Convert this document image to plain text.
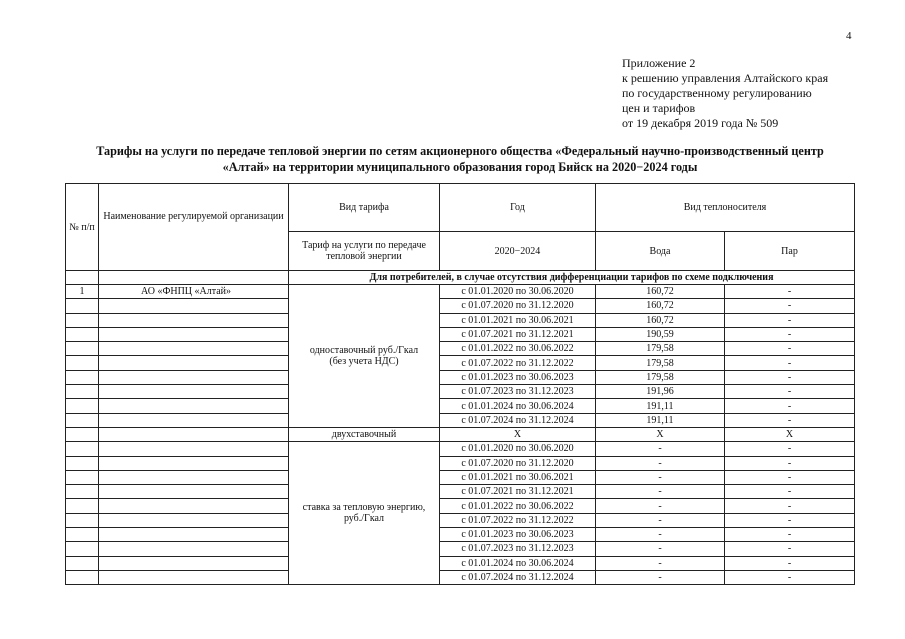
4
Приложение 2
к решению управления Алтайского края
по государственному регулированию
цен и тарифов
от 19 декабря 2019 года № 509
Тарифы на услуги по передаче тепловой энергии по сетям акционерного общества «Федеральный научно-производственный центр
«Алтай» на территории муниципального образования город Бийск на 2020−2024 годы
№ п/п	Наименование регулируемой организации	Вид тарифа	Год	Вид теплоносителя	
		Тариф на услуги по передаче тепловой энергии	2020−2024	Вода	Пар
		Для потребителей, в случае отсутствия дифференциации тарифов по схеме подключения			
1	АО «ФНПЦ «Алтай»	одноставочный руб./Гкал (без учета НДС)	с 01.01.2020 по 30.06.2020	160,72	-
			с 01.07.2020 по 31.12.2020	160,72	-
			с 01.01.2021 по 30.06.2021	160,72	-
			с 01.07.2021 по 31.12.2021	190,59	-
			с 01.01.2022 по 30.06.2022	179,58	-
			с 01.07.2022 по 31.12.2022	179,58	-
			с 01.01.2023 по 30.06.2023	179,58	-
			с 01.07.2023 по 31.12.2023	191,96	-
			с 01.01.2024 по 30.06.2024	191,11	-
			с 01.07.2024 по 31.12.2024	191,11	-
		двухставочный	Х	Х	Х
		ставка за тепловую энергию, руб./Гкал	с 01.01.2020 по 30.06.2020	-	-
			с 01.07.2020 по 31.12.2020	-	-
			с 01.01.2021 по 30.06.2021	-	-
			с 01.07.2021 по 31.12.2021	-	-
			с 01.01.2022 по 30.06.2022	-	-
			с 01.07.2022 по 31.12.2022	-	-
			с 01.01.2023 по 30.06.2023	-	-
			с 01.07.2023 по 31.12.2023	-	-
			с 01.01.2024 по 30.06.2024	-	-
			с 01.07.2024 по 31.12.2024	-	-
